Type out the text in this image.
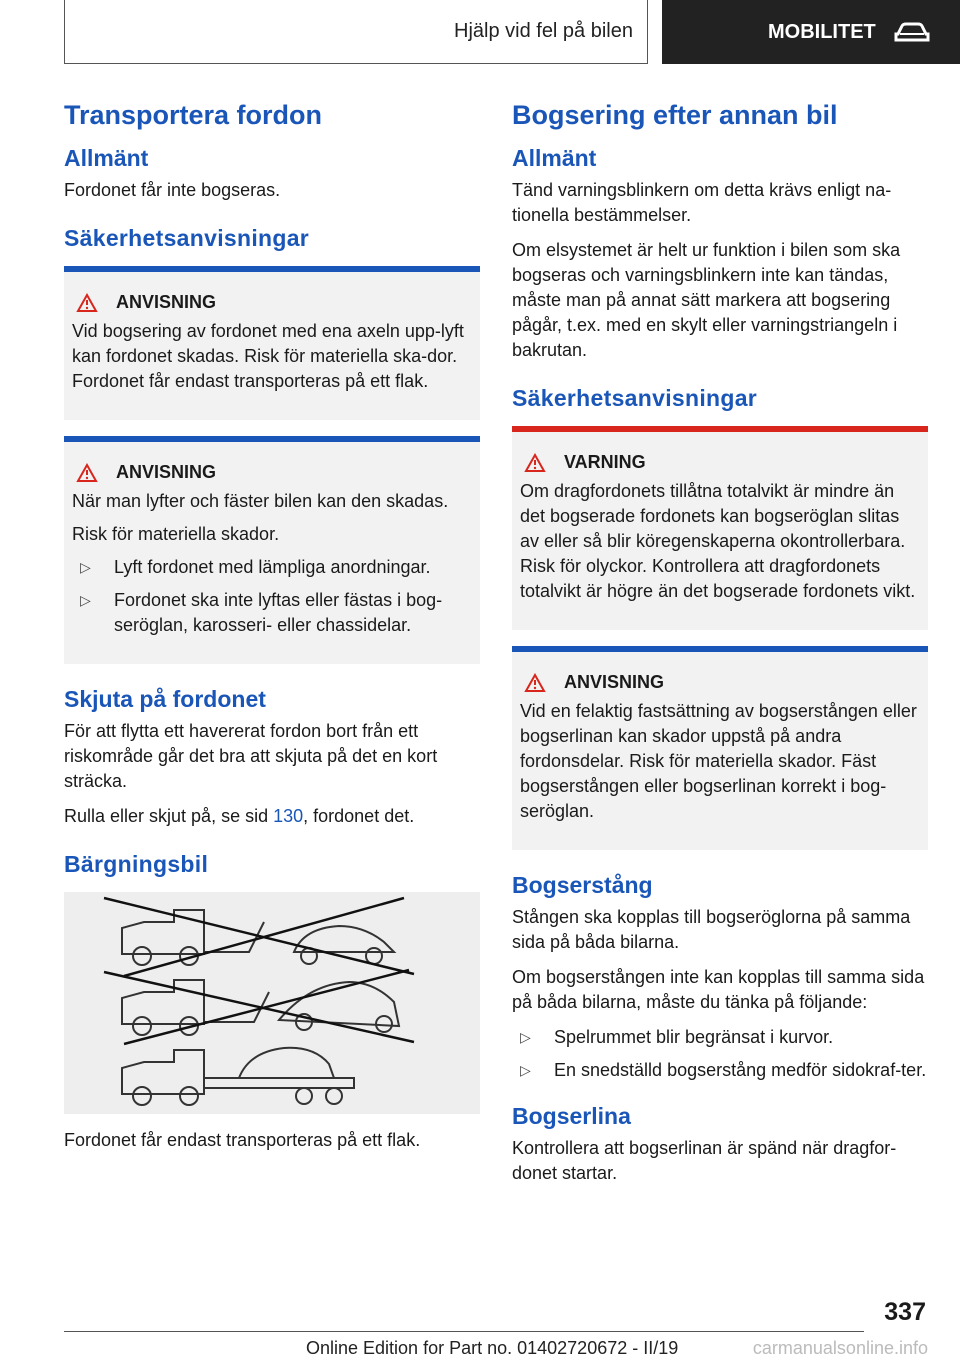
Hjälp vid fel på bilen	MOBILITET
Transportera fordon
Allmänt

Fordonet får inte bogseras.

Säkerhetsanvisningar
ANVISNING

Vid bogsering av fordonet med ena axeln upp-lyft kan fordonet skadas. Risk för materiella ska-dor. Fordonet får endast transporteras på ett flak.

ANVISNING

När man lyfter och fäster bilen kan den skadas.

Risk för materiella skador.

▷	Lyft fordonet med lämpliga anordningar.
▷	Fordonet ska inte lyftas eller fästas i bog-seröglan, karosseri- eller chassidelar.
Skjuta på fordonet

För att flytta ett havererat fordon bort från ett riskområde går det bra att skjuta på det en kort sträcka.

Rulla eller skjut på, se sid 130, fordonet det.

Bärgningsbil

Fordonet får endast transporteras på ett flak.

Bogsering efter annan bil
Allmänt

Tänd varningsblinkern om detta krävs enligt na-tionella bestämmelser.

Om elsystemet är helt ur funktion i bilen som ska bogseras och varningsblinkern inte kan tändas, måste man på annat sätt markera att bogsering pågår, t.ex. med en skylt eller varningstriangeln i bakrutan.

Säkerhetsanvisningar
VARNING

Om dragfordonets tillåtna totalvikt är mindre än det bogserade fordonets kan bogseröglan slitas av eller så blir köregenskaperna okontrollerbara. Risk för olyckor. Kontrollera att dragfordonets totalvikt är högre än det bogserade fordonets vikt.

ANVISNING

Vid en felaktig fastsättning av bogserstången eller bogserlinan kan skador uppstå på andra fordonsdelar. Risk för materiella skador. Fäst bogserstången eller bogserlinan korrekt i bog-seröglan.

Bogserstång

Stången ska kopplas till bogseröglorna på samma sida på båda bilarna.

Om bogserstången inte kan kopplas till samma sida på båda bilarna, måste du tänka på följande:

▷	Spelrummet blir begränsat i kurvor.
▷	En snedställd bogserstång medför sidokraf-ter.
Bogserlina

Kontrollera att bogserlinan är spänd när dragfor-donet startar.

337
Online Edition for Part no. 01402720672 - II/19	carmanualsonline.info
